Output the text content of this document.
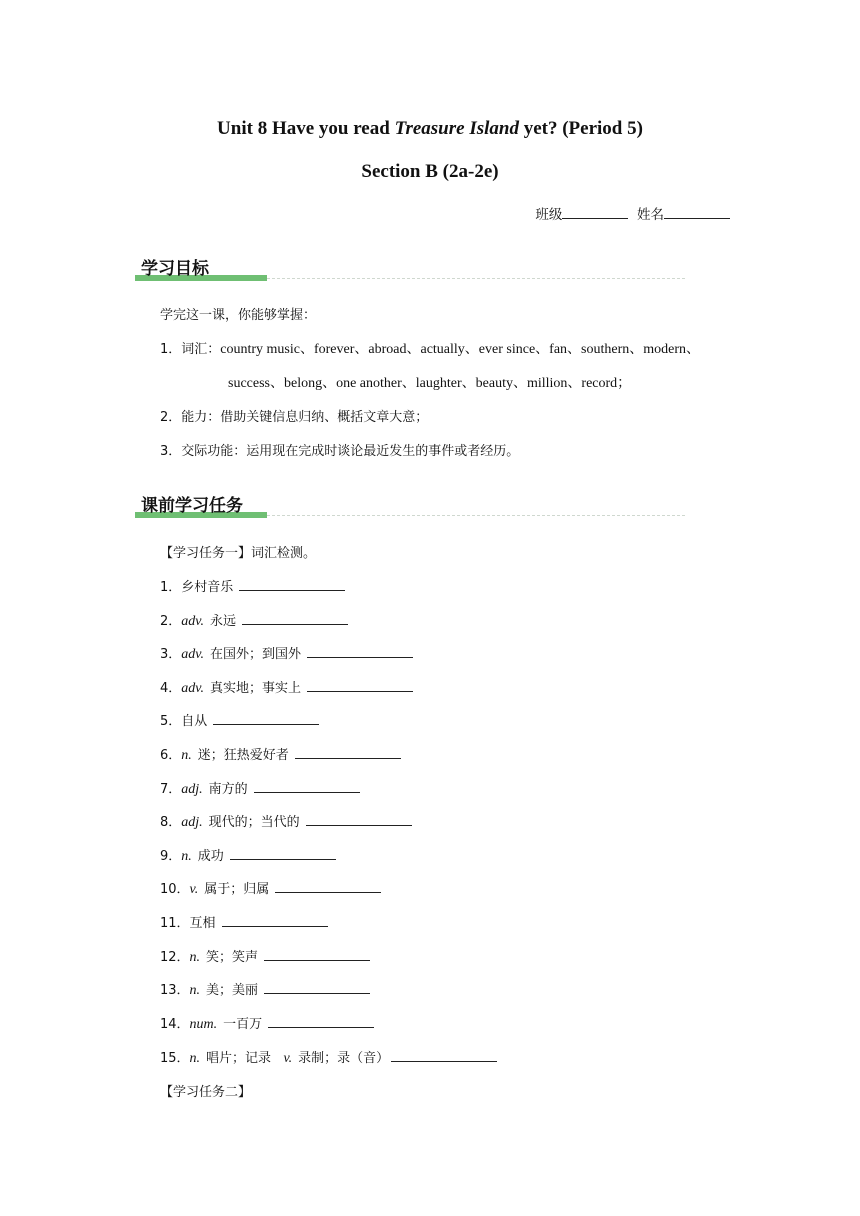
Unit 8 Have you read Treasure Island yet? (Period 5)
Section B (2a-2e)
班级	姓名
学习目标
学完这一课，你能够掌握：
1．词汇：country music、forever、abroad、actually、ever since、fan、southern、modern、
success、belong、one another、laughter、beauty、million、record；
2．能力：借助关键信息归纳、概括文章大意；
3．交际功能：运用现在完成时谈论最近发生的事件或者经历。
课前学习任务
【学习任务一】词汇检测。
1．乡村音乐
2．adv. 永远
3．adv. 在国外；到国外
4．adv. 真实地；事实上
5．自从
6．n. 迷；狂热爱好者
7．adj. 南方的
8．adj. 现代的；当代的
9．n. 成功
10．v. 属于；归属
11．互相
12．n. 笑；笑声
13．n. 美；美丽
14．num. 一百万
15．n. 唱片；记录 v. 录制；录（音）
【学习任务二】
